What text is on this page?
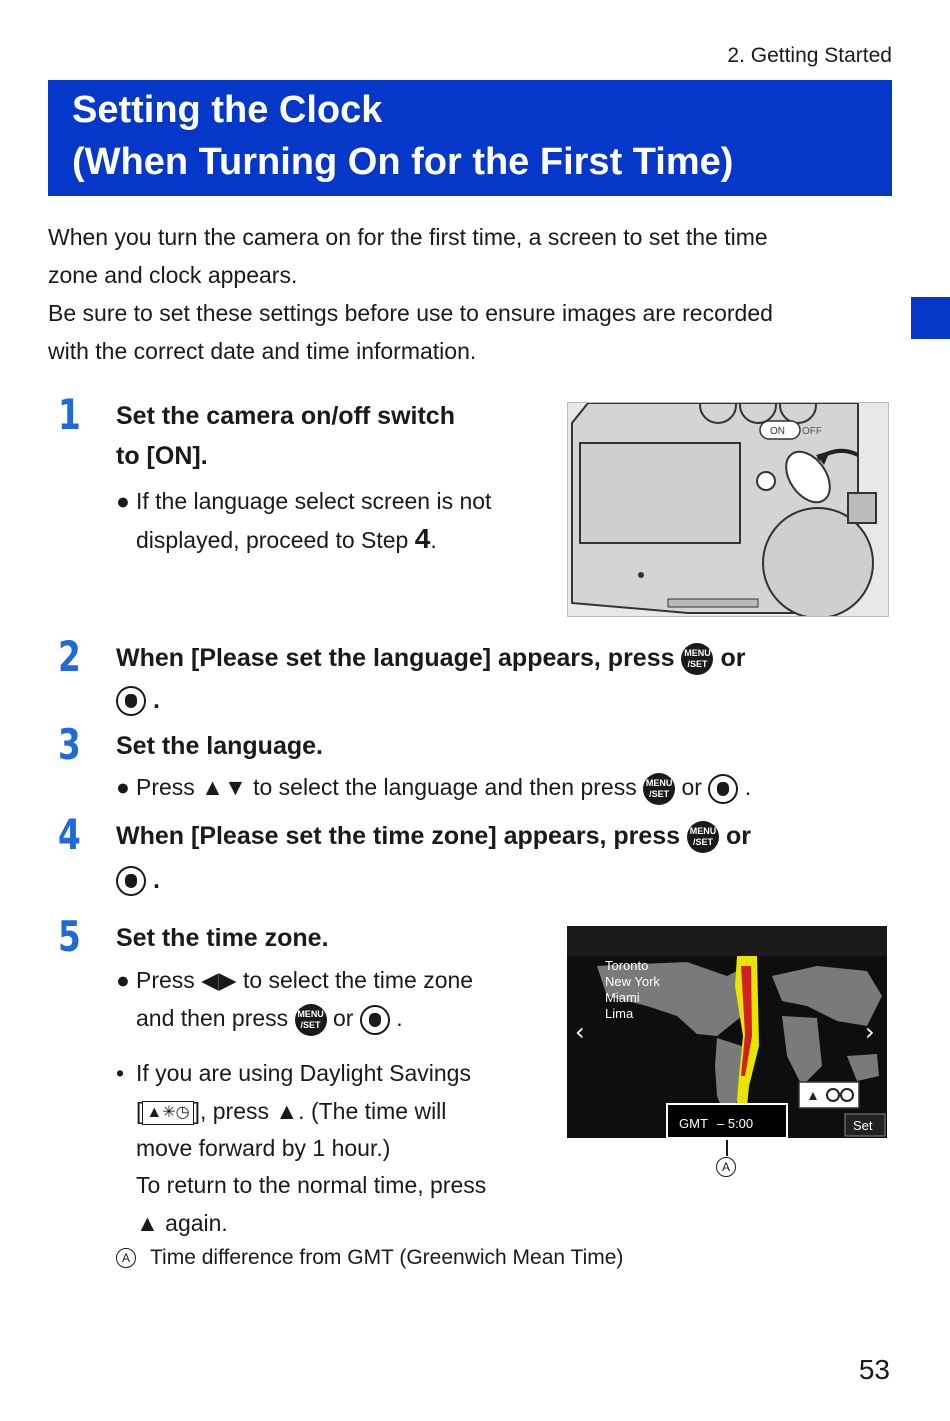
2. Getting Started
Setting the Clock
(When Turning On for the First Time)
When you turn the camera on for the first time, a screen to set the time
zone and clock appears.
Be sure to set these settings before use to ensure images are recorded
with the correct date and time information.
1 Set the camera on/off switch
to [ON].
● If the language select screen is not
displayed, proceed to Step 4.
ON OFF
2 When [Please set the language] appears, press MENU
/SET or
.
3 Set the language.
● Press ▲▼ to select the language and then press MENU
/SET or .
4 When [Please set the time zone] appears, press MENU
/SET or
.
5 Set the time zone.
● Press ◀▶ to select the time zone
and then press MENU
/SET or .
• If you are using Daylight Savings
[ ▲✳◷ ], press ▲. (The time will
move forward by 1 hour.)
To return to the normal time, press
▲ again.
Toronto
New York
Miami
Lima
‹	›
GMT – 5:00	Set
A
A Time difference from GMT (Greenwich Mean Time)
53
